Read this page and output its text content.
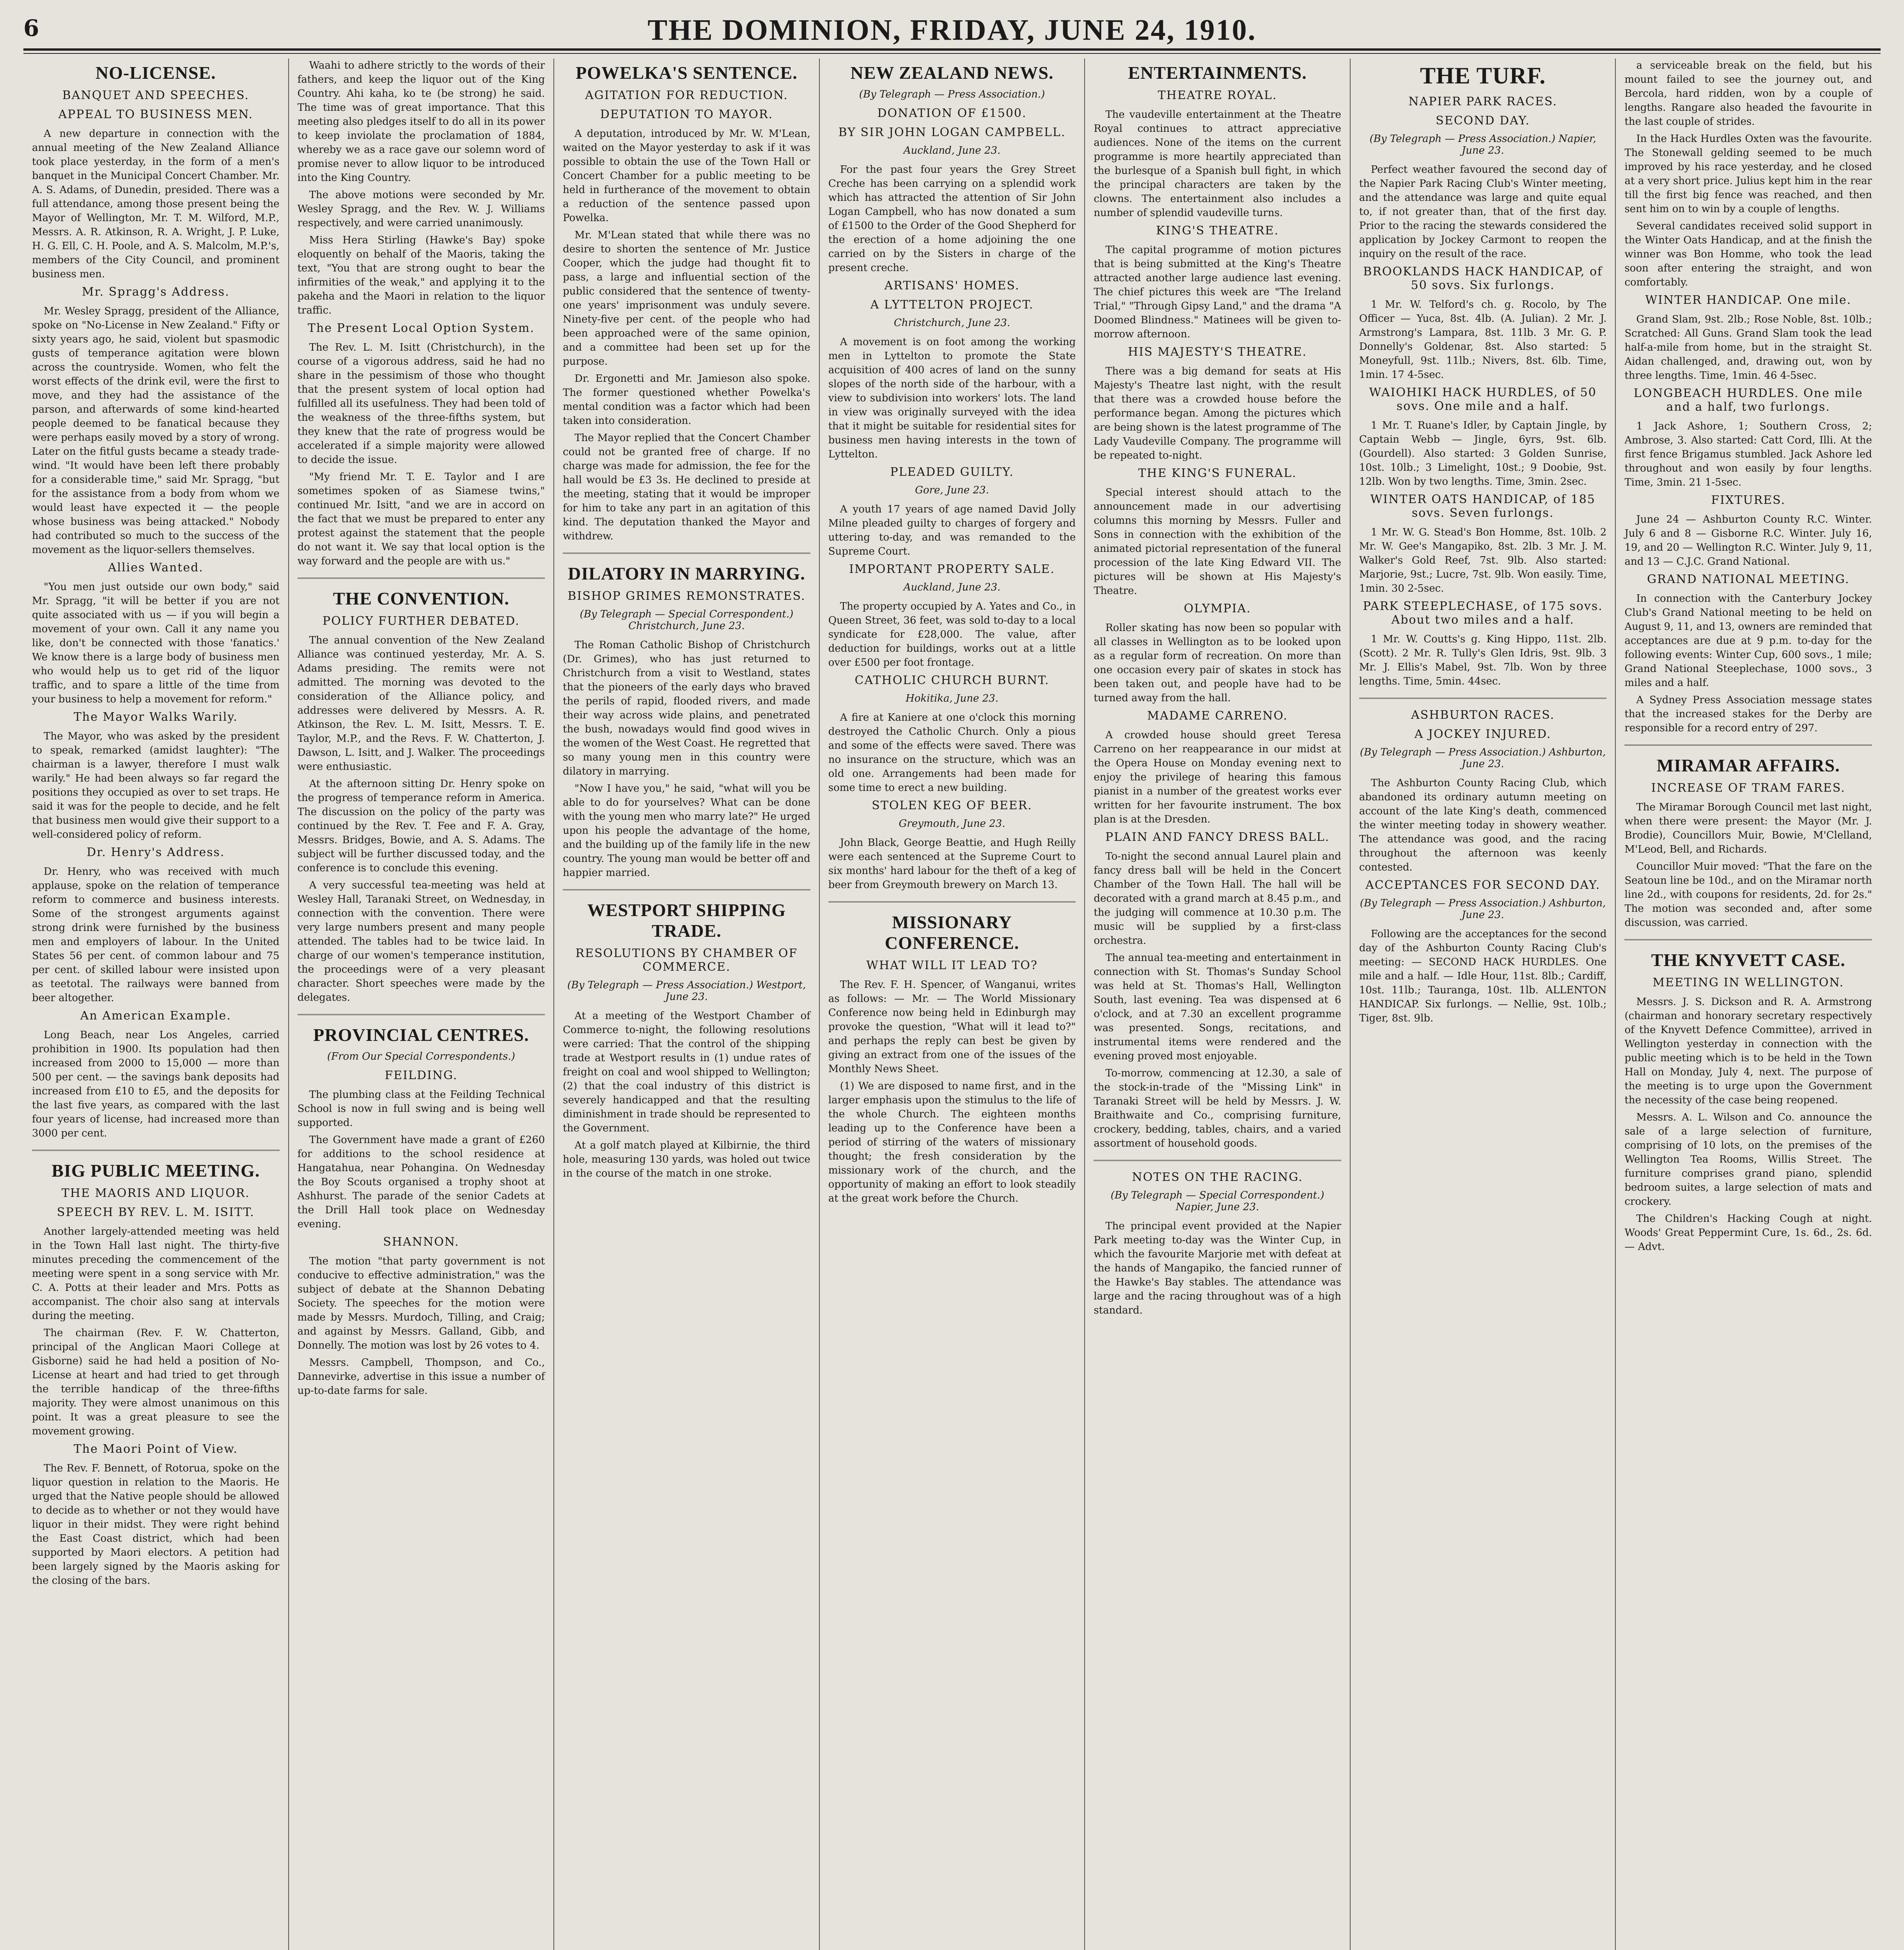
6	THE DOMINION, FRIDAY, JUNE 24, 1910.
NO-LICENSE.
BANQUET AND SPEECHES.
APPEAL TO BUSINESS MEN.
A new departure in connection with the annual meeting of the New Zealand Alliance took place yesterday, in the form of a men's banquet in the Municipal Concert Chamber. Mr. A. S. Adams, of Dunedin, presided. There was a full attendance, among those present being the Mayor of Wellington, Mr. T. M. Wilford, M.P., Messrs. A. R. Atkinson, R. A. Wright, J. P. Luke, H. G. Ell, C. H. Poole, and A. S. Malcolm, M.P.'s, members of the City Council, and prominent business men.
Mr. Spragg's Address.
Mr. Wesley Spragg, president of the Alliance, spoke on "No-License in New Zealand." Fifty or sixty years ago, he said, violent but spasmodic gusts of temperance agitation were blown across the countryside. Women, who felt the worst effects of the drink evil, were the first to move, and they had the assistance of the parson, and afterwards of some kind-hearted people deemed to be fanatical because they were perhaps easily moved by a story of wrong. Later on the fitful gusts became a steady trade-wind. "It would have been left there probably for a considerable time," said Mr. Spragg, "but for the assistance from a body from whom we would least have expected it — the people whose business was being attacked." Nobody had contributed so much to the success of the movement as the liquor-sellers themselves.
Allies Wanted.
"You men just outside our own body," said Mr. Spragg, "it will be better if you are not quite associated with us — if you will begin a movement of your own. Call it any name you like, don't be connected with those 'fanatics.' We know there is a large body of business men who would help us to get rid of the liquor traffic, and to spare a little of the time from your business to help a movement for reform."
The Mayor Walks Warily.
The Mayor, who was asked by the president to speak, remarked (amidst laughter): "The chairman is a lawyer, therefore I must walk warily." He had been always so far regard the positions they occupied as over to set traps. He said it was for the people to decide, and he felt that business men would give their support to a well-considered policy of reform.
Dr. Henry's Address.
Dr. Henry, who was received with much applause, spoke on the relation of temperance reform to commerce and business interests. Some of the strongest arguments against strong drink were furnished by the business men and employers of labour. In the United States 56 per cent. of common labour and 75 per cent. of skilled labour were insisted upon as teetotal. The railways were banned from beer altogether.
An American Example.
Long Beach, near Los Angeles, carried prohibition in 1900. Its population had then increased from 2000 to 15,000 — more than 500 per cent. — the savings bank deposits had increased from £10 to £5, and the deposits for the last five years, as compared with the last four years of license, had increased more than 3000 per cent.
BIG PUBLIC MEETING.
THE MAORIS AND LIQUOR.
SPEECH BY REV. L. M. ISITT.
Another largely-attended meeting was held in the Town Hall last night. The thirty-five minutes preceding the commencement of the meeting were spent in a song service with Mr. C. A. Potts at their leader and Mrs. Potts as accompanist. The choir also sang at intervals during the meeting.
The chairman (Rev. F. W. Chatterton, principal of the Anglican Maori College at Gisborne) said he had held a position of No-License at heart and had tried to get through the terrible handicap of the three-fifths majority. They were almost unanimous on this point. It was a great pleasure to see the movement growing.
The Maori Point of View.
The Rev. F. Bennett, of Rotorua, spoke on the liquor question in relation to the Maoris. He urged that the Native people should be allowed to decide as to whether or not they would have liquor in their midst. They were right behind the East Coast district, which had been supported by Maori electors. A petition had been largely signed by the Maoris asking for the closing of the bars.
Waahi to adhere strictly to the words of their fathers, and keep the liquor out of the King Country. Ahi kaha, ko te (be strong) he said. The time was of great importance. That this meeting also pledges itself to do all in its power to keep inviolate the proclamation of 1884, whereby we as a race gave our solemn word of promise never to allow liquor to be introduced into the King Country.
The above motions were seconded by Mr. Wesley Spragg, and the Rev. W. J. Williams respectively, and were carried unanimously.
Miss Hera Stirling (Hawke's Bay) spoke eloquently on behalf of the Maoris, taking the text, "You that are strong ought to bear the infirmities of the weak," and applying it to the pakeha and the Maori in relation to the liquor traffic.
The Present Local Option System.
The Rev. L. M. Isitt (Christchurch), in the course of a vigorous address, said he had no share in the pessimism of those who thought that the present system of local option had fulfilled all its usefulness. They had been told of the weakness of the three-fifths system, but they knew that the rate of progress would be accelerated if a simple majority were allowed to decide the issue.
"My friend Mr. T. E. Taylor and I are sometimes spoken of as Siamese twins," continued Mr. Isitt, "and we are in accord on the fact that we must be prepared to enter any protest against the statement that the people do not want it. We say that local option is the way forward and the people are with us."
THE CONVENTION.
POLICY FURTHER DEBATED.
The annual convention of the New Zealand Alliance was continued yesterday, Mr. A. S. Adams presiding. The remits were not admitted. The morning was devoted to the consideration of the Alliance policy, and addresses were delivered by Messrs. A. R. Atkinson, the Rev. L. M. Isitt, Messrs. T. E. Taylor, M.P., and the Revs. F. W. Chatterton, J. Dawson, L. Isitt, and J. Walker. The proceedings were enthusiastic.
At the afternoon sitting Dr. Henry spoke on the progress of temperance reform in America. The discussion on the policy of the party was continued by the Rev. T. Fee and F. A. Gray, Messrs. Bridges, Bowie, and A. S. Adams. The subject will be further discussed today, and the conference is to conclude this evening.
A very successful tea-meeting was held at Wesley Hall, Taranaki Street, on Wednesday, in connection with the convention. There were very large numbers present and many people attended. The tables had to be twice laid. In charge of our women's temperance institution, the proceedings were of a very pleasant character. Short speeches were made by the delegates.
PROVINCIAL CENTRES.
(From Our Special Correspondents.)
FEILDING.
The plumbing class at the Feilding Technical School is now in full swing and is being well supported.
The Government have made a grant of £260 for additions to the school residence at Hangatahua, near Pohangina. On Wednesday the Boy Scouts organised a trophy shoot at Ashhurst. The parade of the senior Cadets at the Drill Hall took place on Wednesday evening.
SHANNON.
The motion "that party government is not conducive to effective administration," was the subject of debate at the Shannon Debating Society. The speeches for the motion were made by Messrs. Murdoch, Tilling, and Craig; and against by Messrs. Galland, Gibb, and Donnelly. The motion was lost by 26 votes to 4.
Messrs. Campbell, Thompson, and Co., Dannevirke, advertise in this issue a number of up-to-date farms for sale.
POWELKA'S SENTENCE.
AGITATION FOR REDUCTION.
DEPUTATION TO MAYOR.
A deputation, introduced by Mr. W. M'Lean, waited on the Mayor yesterday to ask if it was possible to obtain the use of the Town Hall or Concert Chamber for a public meeting to be held in furtherance of the movement to obtain a reduction of the sentence passed upon Powelka.
Mr. M'Lean stated that while there was no desire to shorten the sentence of Mr. Justice Cooper, which the judge had thought fit to pass, a large and influential section of the public considered that the sentence of twenty-one years' imprisonment was unduly severe. Ninety-five per cent. of the people who had been approached were of the same opinion, and a committee had been set up for the purpose.
Dr. Ergonetti and Mr. Jamieson also spoke. The former questioned whether Powelka's mental condition was a factor which had been taken into consideration.
The Mayor replied that the Concert Chamber could not be granted free of charge. If no charge was made for admission, the fee for the hall would be £3 3s. He declined to preside at the meeting, stating that it would be improper for him to take any part in an agitation of this kind. The deputation thanked the Mayor and withdrew.
DILATORY IN MARRYING.
BISHOP GRIMES REMONSTRATES.
(By Telegraph — Special Correspondent.) Christchurch, June 23.
The Roman Catholic Bishop of Christchurch (Dr. Grimes), who has just returned to Christchurch from a visit to Westland, states that the pioneers of the early days who braved the perils of rapid, flooded rivers, and made their way across wide plains, and penetrated the bush, nowadays would find good wives in the women of the West Coast. He regretted that so many young men in this country were dilatory in marrying.
"Now I have you," he said, "what will you be able to do for yourselves? What can be done with the young men who marry late?" He urged upon his people the advantage of the home, and the building up of the family life in the new country. The young man would be better off and happier married.
WESTPORT SHIPPING TRADE.
RESOLUTIONS BY CHAMBER OF COMMERCE.
(By Telegraph — Press Association.) Westport, June 23.
At a meeting of the Westport Chamber of Commerce to-night, the following resolutions were carried: That the control of the shipping trade at Westport results in (1) undue rates of freight on coal and wool shipped to Wellington; (2) that the coal industry of this district is severely handicapped and that the resulting diminishment in trade should be represented to the Government.
At a golf match played at Kilbirnie, the third hole, measuring 130 yards, was holed out twice in the course of the match in one stroke.
NEW ZEALAND NEWS.
(By Telegraph — Press Association.)
DONATION OF £1500.
BY SIR JOHN LOGAN CAMPBELL.
Auckland, June 23.
For the past four years the Grey Street Creche has been carrying on a splendid work which has attracted the attention of Sir John Logan Campbell, who has now donated a sum of £1500 to the Order of the Good Shepherd for the erection of a home adjoining the one carried on by the Sisters in charge of the present creche.
ARTISANS' HOMES.
A LYTTELTON PROJECT.
Christchurch, June 23.
A movement is on foot among the working men in Lyttelton to promote the State acquisition of 400 acres of land on the sunny slopes of the north side of the harbour, with a view to subdivision into workers' lots. The land in view was originally surveyed with the idea that it might be suitable for residential sites for business men having interests in the town of Lyttelton.
PLEADED GUILTY.
Gore, June 23.
A youth 17 years of age named David Jolly Milne pleaded guilty to charges of forgery and uttering to-day, and was remanded to the Supreme Court.
IMPORTANT PROPERTY SALE.
Auckland, June 23.
The property occupied by A. Yates and Co., in Queen Street, 36 feet, was sold to-day to a local syndicate for £28,000. The value, after deduction for buildings, works out at a little over £500 per foot frontage.
CATHOLIC CHURCH BURNT.
Hokitika, June 23.
A fire at Kaniere at one o'clock this morning destroyed the Catholic Church. Only a pious and some of the effects were saved. There was no insurance on the structure, which was an old one. Arrangements had been made for some time to erect a new building.
STOLEN KEG OF BEER.
Greymouth, June 23.
John Black, George Beattie, and Hugh Reilly were each sentenced at the Supreme Court to six months' hard labour for the theft of a keg of beer from Greymouth brewery on March 13.
MISSIONARY CONFERENCE.
WHAT WILL IT LEAD TO?
The Rev. F. H. Spencer, of Wanganui, writes as follows: — Mr. — The World Missionary Conference now being held in Edinburgh may provoke the question, "What will it lead to?" and perhaps the reply can best be given by giving an extract from one of the issues of the Monthly News Sheet.
(1) We are disposed to name first, and in the larger emphasis upon the stimulus to the life of the whole Church. The eighteen months leading up to the Conference have been a period of stirring of the waters of missionary thought; the fresh consideration by the missionary work of the church, and the opportunity of making an effort to look steadily at the great work before the Church.
ENTERTAINMENTS.
THEATRE ROYAL.
The vaudeville entertainment at the Theatre Royal continues to attract appreciative audiences. None of the items on the current programme is more heartily appreciated than the burlesque of a Spanish bull fight, in which the principal characters are taken by the clowns. The entertainment also includes a number of splendid vaudeville turns.
KING'S THEATRE.
The capital programme of motion pictures that is being submitted at the King's Theatre attracted another large audience last evening. The chief pictures this week are "The Ireland Trial," "Through Gipsy Land," and the drama "A Doomed Blindness." Matinees will be given to-morrow afternoon.
HIS MAJESTY'S THEATRE.
There was a big demand for seats at His Majesty's Theatre last night, with the result that there was a crowded house before the performance began. Among the pictures which are being shown is the latest programme of The Lady Vaudeville Company. The programme will be repeated to-night.
THE KING'S FUNERAL.
Special interest should attach to the announcement made in our advertising columns this morning by Messrs. Fuller and Sons in connection with the exhibition of the animated pictorial representation of the funeral procession of the late King Edward VII. The pictures will be shown at His Majesty's Theatre.
OLYMPIA.
Roller skating has now been so popular with all classes in Wellington as to be looked upon as a regular form of recreation. On more than one occasion every pair of skates in stock has been taken out, and people have had to be turned away from the hall.
MADAME CARRENO.
A crowded house should greet Teresa Carreno on her reappearance in our midst at the Opera House on Monday evening next to enjoy the privilege of hearing this famous pianist in a number of the greatest works ever written for her favourite instrument. The box plan is at the Dresden.
PLAIN AND FANCY DRESS BALL.
To-night the second annual Laurel plain and fancy dress ball will be held in the Concert Chamber of the Town Hall. The hall will be decorated with a grand march at 8.45 p.m., and the judging will commence at 10.30 p.m. The music will be supplied by a first-class orchestra.
The annual tea-meeting and entertainment in connection with St. Thomas's Sunday School was held at St. Thomas's Hall, Wellington South, last evening. Tea was dispensed at 6 o'clock, and at 7.30 an excellent programme was presented. Songs, recitations, and instrumental items were rendered and the evening proved most enjoyable.
To-morrow, commencing at 12.30, a sale of the stock-in-trade of the "Missing Link" in Taranaki Street will be held by Messrs. J. W. Braithwaite and Co., comprising furniture, crockery, bedding, tables, chairs, and a varied assortment of household goods.
NOTES ON THE RACING.
(By Telegraph — Special Correspondent.) Napier, June 23.
The principal event provided at the Napier Park meeting to-day was the Winter Cup, in which the favourite Marjorie met with defeat at the hands of Mangapiko, the fancied runner of the Hawke's Bay stables. The attendance was large and the racing throughout was of a high standard.
THE TURF.
NAPIER PARK RACES.
SECOND DAY.
(By Telegraph — Press Association.) Napier, June 23.
Perfect weather favoured the second day of the Napier Park Racing Club's Winter meeting, and the attendance was large and quite equal to, if not greater than, that of the first day. Prior to the racing the stewards considered the application by Jockey Carmont to reopen the inquiry on the result of the race.
BROOKLANDS HACK HANDICAP, of 50 sovs. Six furlongs.
1 Mr. W. Telford's ch. g. Rocolo, by The Officer — Yuca, 8st. 4lb. (A. Julian). 2 Mr. J. Armstrong's Lampara, 8st. 11lb. 3 Mr. G. P. Donnelly's Goldenar, 8st. Also started: 5 Moneyfull, 9st. 11lb.; Nivers, 8st. 6lb. Time, 1min. 17 4-5sec.
WAIOHIKI HACK HURDLES, of 50 sovs. One mile and a half.
1 Mr. T. Ruane's Idler, by Captain Jingle, by Captain Webb — Jingle, 6yrs, 9st. 6lb. (Gourdell). Also started: 3 Golden Sunrise, 10st. 10lb.; 3 Limelight, 10st.; 9 Doobie, 9st. 12lb. Won by two lengths. Time, 3min. 2sec.
WINTER OATS HANDICAP, of 185 sovs. Seven furlongs.
1 Mr. W. G. Stead's Bon Homme, 8st. 10lb. 2 Mr. W. Gee's Mangapiko, 8st. 2lb. 3 Mr. J. M. Walker's Gold Reef, 7st. 9lb. Also started: Marjorie, 9st.; Lucre, 7st. 9lb. Won easily. Time, 1min. 30 2-5sec.
PARK STEEPLECHASE, of 175 sovs. About two miles and a half.
1 Mr. W. Coutts's g. King Hippo, 11st. 2lb. (Scott). 2 Mr. R. Tully's Glen Idris, 9st. 9lb. 3 Mr. J. Ellis's Mabel, 9st. 7lb. Won by three lengths. Time, 5min. 44sec.
ASHBURTON RACES.
A JOCKEY INJURED.
(By Telegraph — Press Association.) Ashburton, June 23.
The Ashburton County Racing Club, which abandoned its ordinary autumn meeting on account of the late King's death, commenced the winter meeting today in showery weather. The attendance was good, and the racing throughout the afternoon was keenly contested.
ACCEPTANCES FOR SECOND DAY.
(By Telegraph — Press Association.) Ashburton, June 23.
Following are the acceptances for the second day of the Ashburton County Racing Club's meeting: — SECOND HACK HURDLES. One mile and a half. — Idle Hour, 11st. 8lb.; Cardiff, 10st. 11lb.; Tauranga, 10st. 1lb. ALLENTON HANDICAP. Six furlongs. — Nellie, 9st. 10lb.; Tiger, 8st. 9lb.
a serviceable break on the field, but his mount failed to see the journey out, and Bercola, hard ridden, won by a couple of lengths. Rangare also headed the favourite in the last couple of strides.
In the Hack Hurdles Oxten was the favourite. The Stonewall gelding seemed to be much improved by his race yesterday, and he closed at a very short price. Julius kept him in the rear till the first big fence was reached, and then sent him on to win by a couple of lengths.
Several candidates received solid support in the Winter Oats Handicap, and at the finish the winner was Bon Homme, who took the lead soon after entering the straight, and won comfortably.
WINTER HANDICAP. One mile.
Grand Slam, 9st. 2lb.; Rose Noble, 8st. 10lb.; Scratched: All Guns. Grand Slam took the lead half-a-mile from home, but in the straight St. Aidan challenged, and, drawing out, won by three lengths. Time, 1min. 46 4-5sec.
LONGBEACH HURDLES. One mile and a half, two furlongs.
1 Jack Ashore, 1; Southern Cross, 2; Ambrose, 3. Also started: Catt Cord, Illi. At the first fence Brigamus stumbled. Jack Ashore led throughout and won easily by four lengths. Time, 3min. 21 1-5sec.
FIXTURES.
June 24 — Ashburton County R.C. Winter. July 6 and 8 — Gisborne R.C. Winter. July 16, 19, and 20 — Wellington R.C. Winter. July 9, 11, and 13 — C.J.C. Grand National.
GRAND NATIONAL MEETING.
In connection with the Canterbury Jockey Club's Grand National meeting to be held on August 9, 11, and 13, owners are reminded that acceptances are due at 9 p.m. to-day for the following events: Winter Cup, 600 sovs., 1 mile; Grand National Steeplechase, 1000 sovs., 3 miles and a half.
A Sydney Press Association message states that the increased stakes for the Derby are responsible for a record entry of 297.
MIRAMAR AFFAIRS.
INCREASE OF TRAM FARES.
The Miramar Borough Council met last night, when there were present: the Mayor (Mr. J. Brodie), Councillors Muir, Bowie, M'Clelland, M'Leod, Bell, and Richards.
Councillor Muir moved: "That the fare on the Seatoun line be 10d., and on the Miramar north line 2d., with coupons for residents, 2d. for 2s." The motion was seconded and, after some discussion, was carried.
THE KNYVETT CASE.
MEETING IN WELLINGTON.
Messrs. J. S. Dickson and R. A. Armstrong (chairman and honorary secretary respectively of the Knyvett Defence Committee), arrived in Wellington yesterday in connection with the public meeting which is to be held in the Town Hall on Monday, July 4, next. The purpose of the meeting is to urge upon the Government the necessity of the case being reopened.
Messrs. A. L. Wilson and Co. announce the sale of a large selection of furniture, comprising of 10 lots, on the premises of the Wellington Tea Rooms, Willis Street. The furniture comprises grand piano, splendid bedroom suites, a large selection of mats and crockery.
The Children's Hacking Cough at night. Woods' Great Peppermint Cure, 1s. 6d., 2s. 6d. — Advt.
